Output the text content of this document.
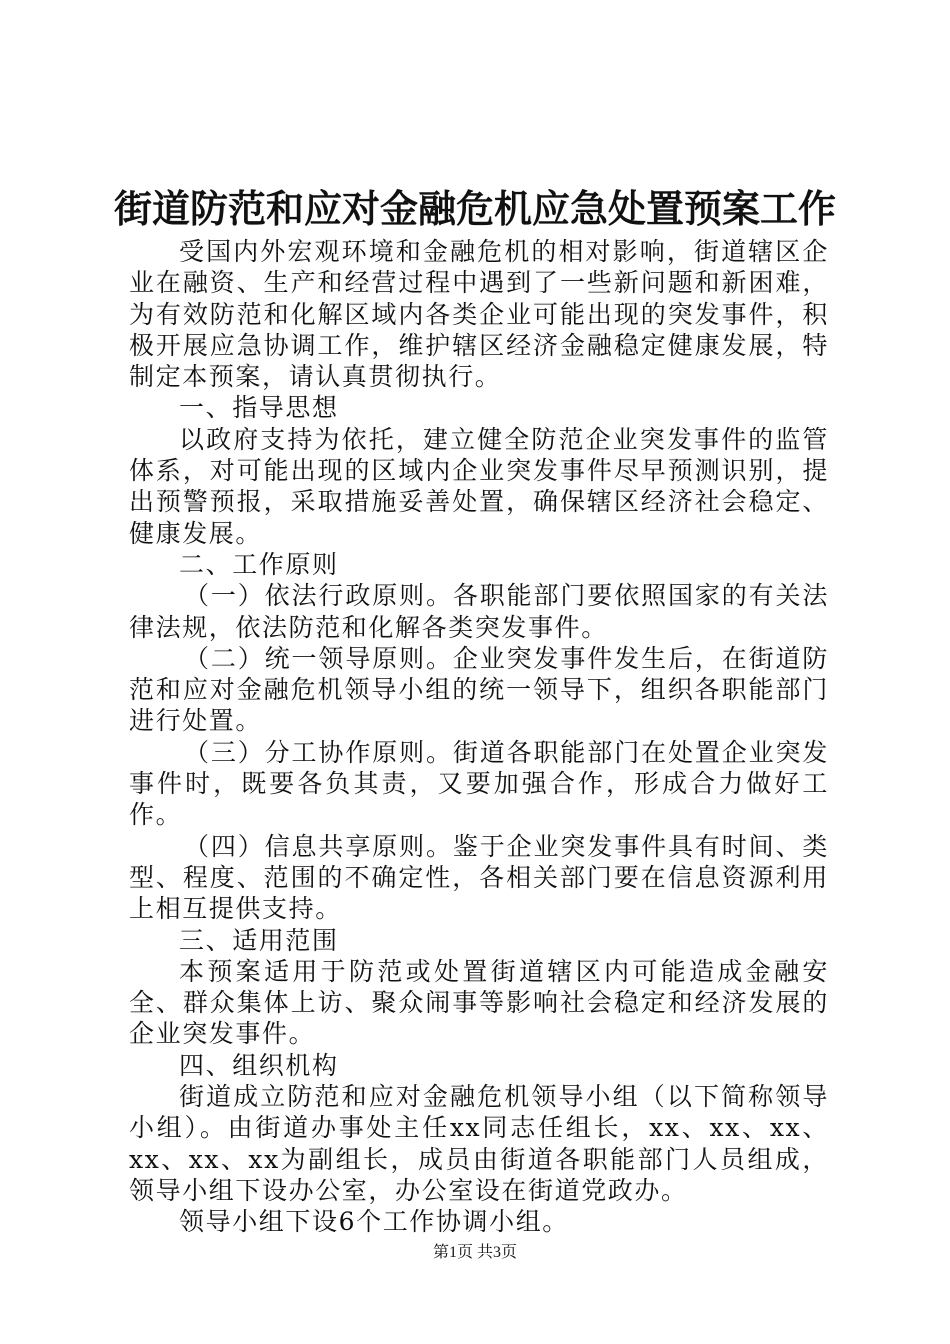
街道防范和应对金融危机应急处置预案工作

受国内外宏观环境和金融危机的相对影响，街道辖区企业在融资、生产和经营过程中遇到了一些新问题和新困难，为有效防范和化解区域内各类企业可能出现的突发事件，积极开展应急协调工作，维护辖区经济金融稳定健康发展，特制定本预案，请认真贯彻执行。

一、指导思想

以政府支持为依托，建立健全防范企业突发事件的监管体系，对可能出现的区域内企业突发事件尽早预测识别，提出预警预报，采取措施妥善处置，确保辖区经济社会稳定、健康发展。

二、工作原则

（一）依法行政原则。各职能部门要依照国家的有关法律法规，依法防范和化解各类突发事件。

（二）统一领导原则。企业突发事件发生后，在街道防范和应对金融危机领导小组的统一领导下，组织各职能部门进行处置。

（三）分工协作原则。街道各职能部门在处置企业突发事件时，既要各负其责，又要加强合作，形成合力做好工作。

（四）信息共享原则。鉴于企业突发事件具有时间、类型、程度、范围的不确定性，各相关部门要在信息资源利用上相互提供支持。

三、适用范围

本预案适用于防范或处置街道辖区内可能造成金融安全、群众集体上访、聚众闹事等影响社会稳定和经济发展的企业突发事件。

四、组织机构

街道成立防范和应对金融危机领导小组（以下简称领导小组）。由街道办事处主任xx同志任组长，xx、xx、xx、xx、xx、xx为副组长，成员由街道各职能部门人员组成，领导小组下设办公室，办公室设在街道党政办。

领导小组下设6个工作协调小组。

第1页 共3页
